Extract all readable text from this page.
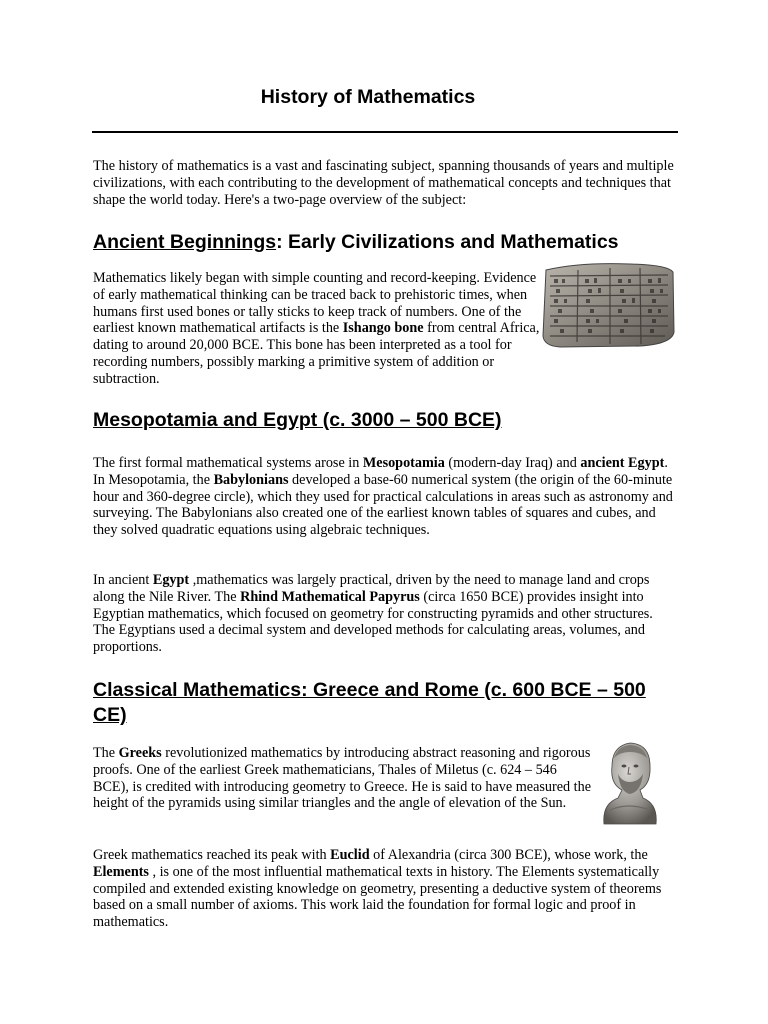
History of Mathematics

The history of mathematics is a vast and fascinating subject, spanning thousands of years and multiple civilizations, with each contributing to the development of mathematical concepts and techniques that shape the world today. Here's a two-page overview of the subject:

Ancient Beginnings: Early Civilizations and Mathematics

Mathematics likely began with simple counting and record-keeping. Evidence of early mathematical thinking can be traced back to prehistoric times, when humans first used bones or tally sticks to keep track of numbers. One of the earliest known mathematical artifacts is the Ishango bone from central Africa, dating to around 20,000 BCE. This bone has been interpreted as a tool for recording numbers, possibly marking a primitive system of addition or subtraction.

Mesopotamia and Egypt (c. 3000 – 500 BCE)

The first formal mathematical systems arose in Mesopotamia (modern-day Iraq) and ancient Egypt. In Mesopotamia, the Babylonians developed a base-60 numerical system (the origin of the 60-minute hour and 360-degree circle), which they used for practical calculations in areas such as astronomy and surveying. The Babylonians also created one of the earliest known tables of squares and cubes, and they solved quadratic equations using algebraic techniques.

In ancient Egypt ,mathematics was largely practical, driven by the need to manage land and crops along the Nile River. The Rhind Mathematical Papyrus (circa 1650 BCE) provides insight into Egyptian mathematics, which focused on geometry for constructing pyramids and other structures. The Egyptians used a decimal system and developed methods for calculating areas, volumes, and proportions.

Classical Mathematics: Greece and Rome (c. 600 BCE – 500 CE)

The Greeks revolutionized mathematics by introducing abstract reasoning and rigorous proofs. One of the earliest Greek mathematicians, Thales of Miletus (c. 624 – 546 BCE), is credited with introducing geometry to Greece. He is said to have measured the height of the pyramids using similar triangles and the angle of elevation of the Sun.

Greek mathematics reached its peak with Euclid of Alexandria (circa 300 BCE), whose work, the Elements , is one of the most influential mathematical texts in history. The Elements systematically compiled and extended existing knowledge on geometry, presenting a deductive system of theorems based on a small number of axioms. This work laid the foundation for formal logic and proof in mathematics.
